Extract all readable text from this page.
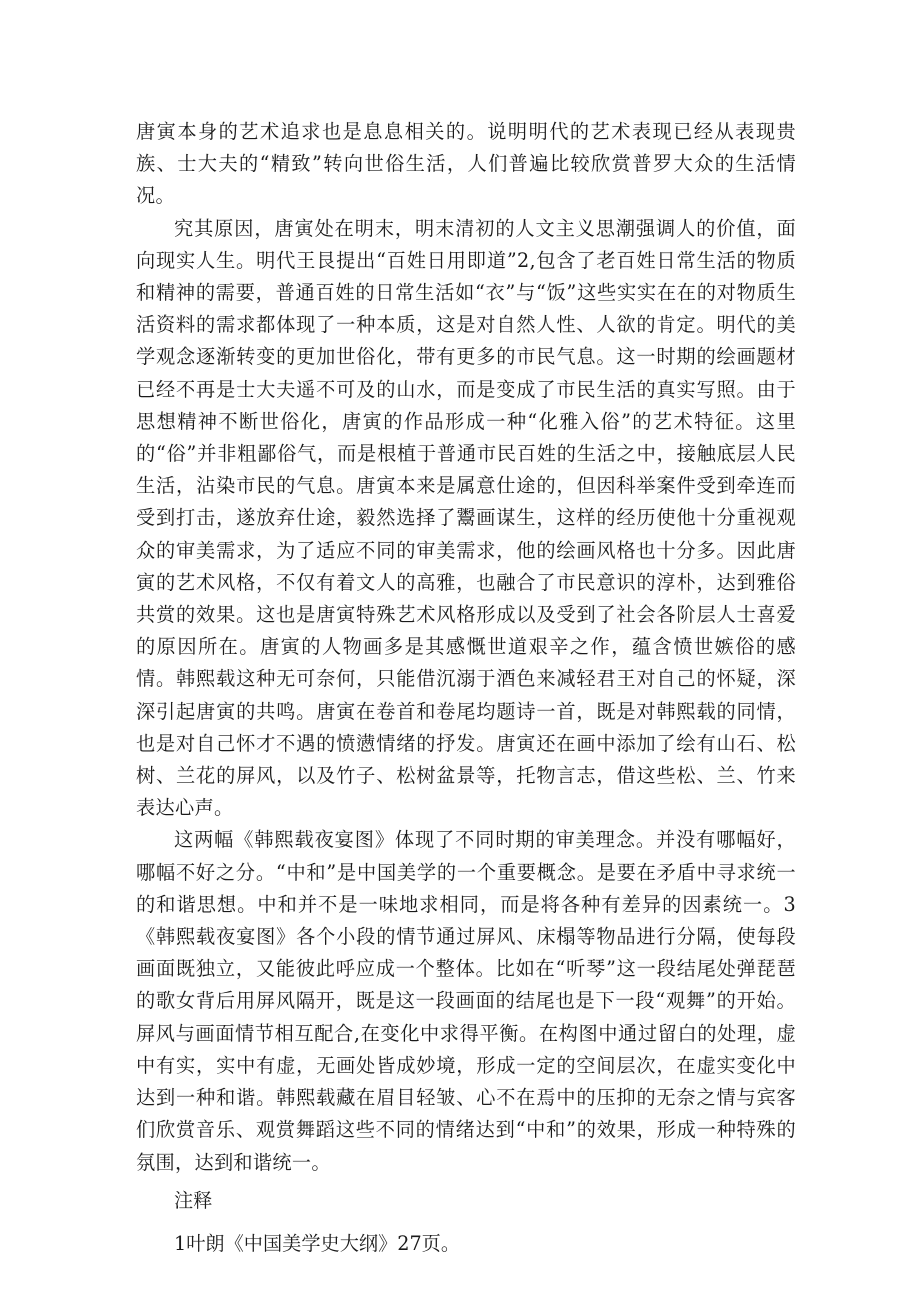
唐寅本身的艺术追求也是息息相关的。说明明代的艺术表现已经从表现贵族、士大夫的“精致”转向世俗生活，人们普遍比较欣赏普罗大众的生活情况。

究其原因，唐寅处在明末，明末清初的人文主义思潮强调人的价值，面向现实人生。明代王艮提出“百姓日用即道”2,包含了老百姓日常生活的物质和精神的需要，普通百姓的日常生活如“衣”与“饭”这些实实在在的对物质生活资料的需求都体现了一种本质，这是对自然人性、人欲的肯定。明代的美学观念逐渐转变的更加世俗化，带有更多的市民气息。这一时期的绘画题材已经不再是士大夫遥不可及的山水，而是变成了市民生活的真实写照。由于思想精神不断世俗化，唐寅的作品形成一种“化雅入俗”的艺术特征。这里的“俗”并非粗鄙俗气，而是根植于普通市民百姓的生活之中，接触底层人民生活，沾染市民的气息。唐寅本来是属意仕途的，但因科举案件受到牵连而受到打击，遂放弃仕途，毅然选择了鬻画谋生，这样的经历使他十分重视观众的审美需求，为了适应不同的审美需求，他的绘画风格也十分多。因此唐寅的艺术风格，不仅有着文人的高雅，也融合了市民意识的淳朴，达到雅俗共赏的效果。这也是唐寅特殊艺术风格形成以及受到了社会各阶层人士喜爱的原因所在。唐寅的人物画多是其感慨世道艰辛之作，蕴含愤世嫉俗的感情。韩熙载这种无可奈何，只能借沉溺于酒色来减轻君王对自己的怀疑，深深引起唐寅的共鸣。唐寅在卷首和卷尾均题诗一首，既是对韩熙载的同情，也是对自己怀才不遇的愤懑情绪的抒发。唐寅还在画中添加了绘有山石、松树、兰花的屏风，以及竹子、松树盆景等，托物言志，借这些松、兰、竹来表达心声。

这两幅《韩熙载夜宴图》体现了不同时期的审美理念。并没有哪幅好，哪幅不好之分。“中和”是中国美学的一个重要概念。是要在矛盾中寻求统一的和谐思想。中和并不是一味地求相同，而是将各种有差异的因素统一。3《韩熙载夜宴图》各个小段的情节通过屏风、床榻等物品进行分隔，使每段画面既独立，又能彼此呼应成一个整体。比如在“听琴”这一段结尾处弹琵琶的歌女背后用屏风隔开，既是这一段画面的结尾也是下一段“观舞”的开始。屏风与画面情节相互配合,在变化中求得平衡。在构图中通过留白的处理，虚中有实，实中有虚，无画处皆成妙境，形成一定的空间层次，在虚实变化中达到一种和谐。韩熙载藏在眉目轻皱、心不在焉中的压抑的无奈之情与宾客们欣赏音乐、观赏舞蹈这些不同的情绪达到“中和”的效果，形成一种特殊的氛围，达到和谐统一。

注释

1叶朗《中国美学史大纲》27页。
